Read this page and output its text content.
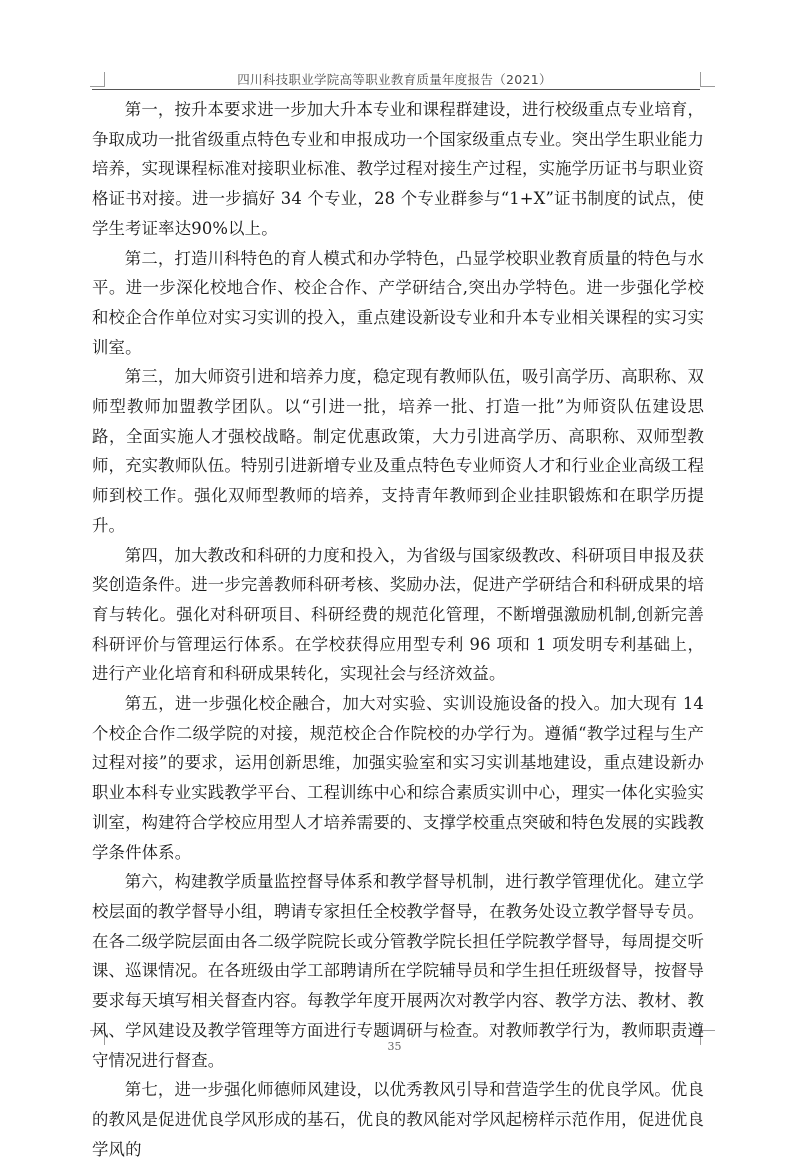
四川科技职业学院高等职业教育质量年度报告（2021）

第一，按升本要求进一步加大升本专业和课程群建设，进行校级重点专业培育，争取成功一批省级重点特色专业和申报成功一个国家级重点专业。突出学生职业能力培养，实现课程标准对接职业标准、教学过程对接生产过程，实施学历证书与职业资格证书对接。进一步搞好 34 个专业，28 个专业群参与“1+X”证书制度的试点，使学生考证率达90%以上。

第二，打造川科特色的育人模式和办学特色，凸显学校职业教育质量的特色与水平。进一步深化校地合作、校企合作、产学研结合,突出办学特色。进一步强化学校和校企合作单位对实习实训的投入，重点建设新设专业和升本专业相关课程的实习实训室。

第三，加大师资引进和培养力度，稳定现有教师队伍，吸引高学历、高职称、双师型教师加盟教学团队。以“引进一批，培养一批、打造一批”为师资队伍建设思路，全面实施人才强校战略。制定优惠政策，大力引进高学历、高职称、双师型教师，充实教师队伍。特别引进新增专业及重点特色专业师资人才和行业企业高级工程师到校工作。强化双师型教师的培养，支持青年教师到企业挂职锻炼和在职学历提升。

第四，加大教改和科研的力度和投入，为省级与国家级教改、科研项目申报及获奖创造条件。进一步完善教师科研考核、奖励办法，促进产学研结合和科研成果的培育与转化。强化对科研项目、科研经费的规范化管理，不断增强激励机制,创新完善科研评价与管理运行体系。在学校获得应用型专利 96 项和 1 项发明专利基础上，进行产业化培育和科研成果转化，实现社会与经济效益。

第五，进一步强化校企融合，加大对实验、实训设施设备的投入。加大现有 14 个校企合作二级学院的对接，规范校企合作院校的办学行为。遵循“教学过程与生产过程对接”的要求，运用创新思维，加强实验室和实习实训基地建设，重点建设新办职业本科专业实践教学平台、工程训练中心和综合素质实训中心，理实一体化实验实训室，构建符合学校应用型人才培养需要的、支撑学校重点突破和特色发展的实践教学条件体系。

第六，构建教学质量监控督导体系和教学督导机制，进行教学管理优化。建立学校层面的教学督导小组，聘请专家担任全校教学督导，在教务处设立教学督导专员。在各二级学院层面由各二级学院院长或分管教学院长担任学院教学督导，每周提交听课、巡课情况。在各班级由学工部聘请所在学院辅导员和学生担任班级督导，按督导要求每天填写相关督查内容。每教学年度开展两次对教学内容、教学方法、教材、教风、学风建设及教学管理等方面进行专题调研与检查。对教师教学行为，教师职责遵守情况进行督查。

第七，进一步强化师德师风建设，以优秀教风引导和营造学生的优良学风。优良的教风是促进优良学风形成的基石，优良的教风能对学风起榜样示范作用，促进优良学风的

35
